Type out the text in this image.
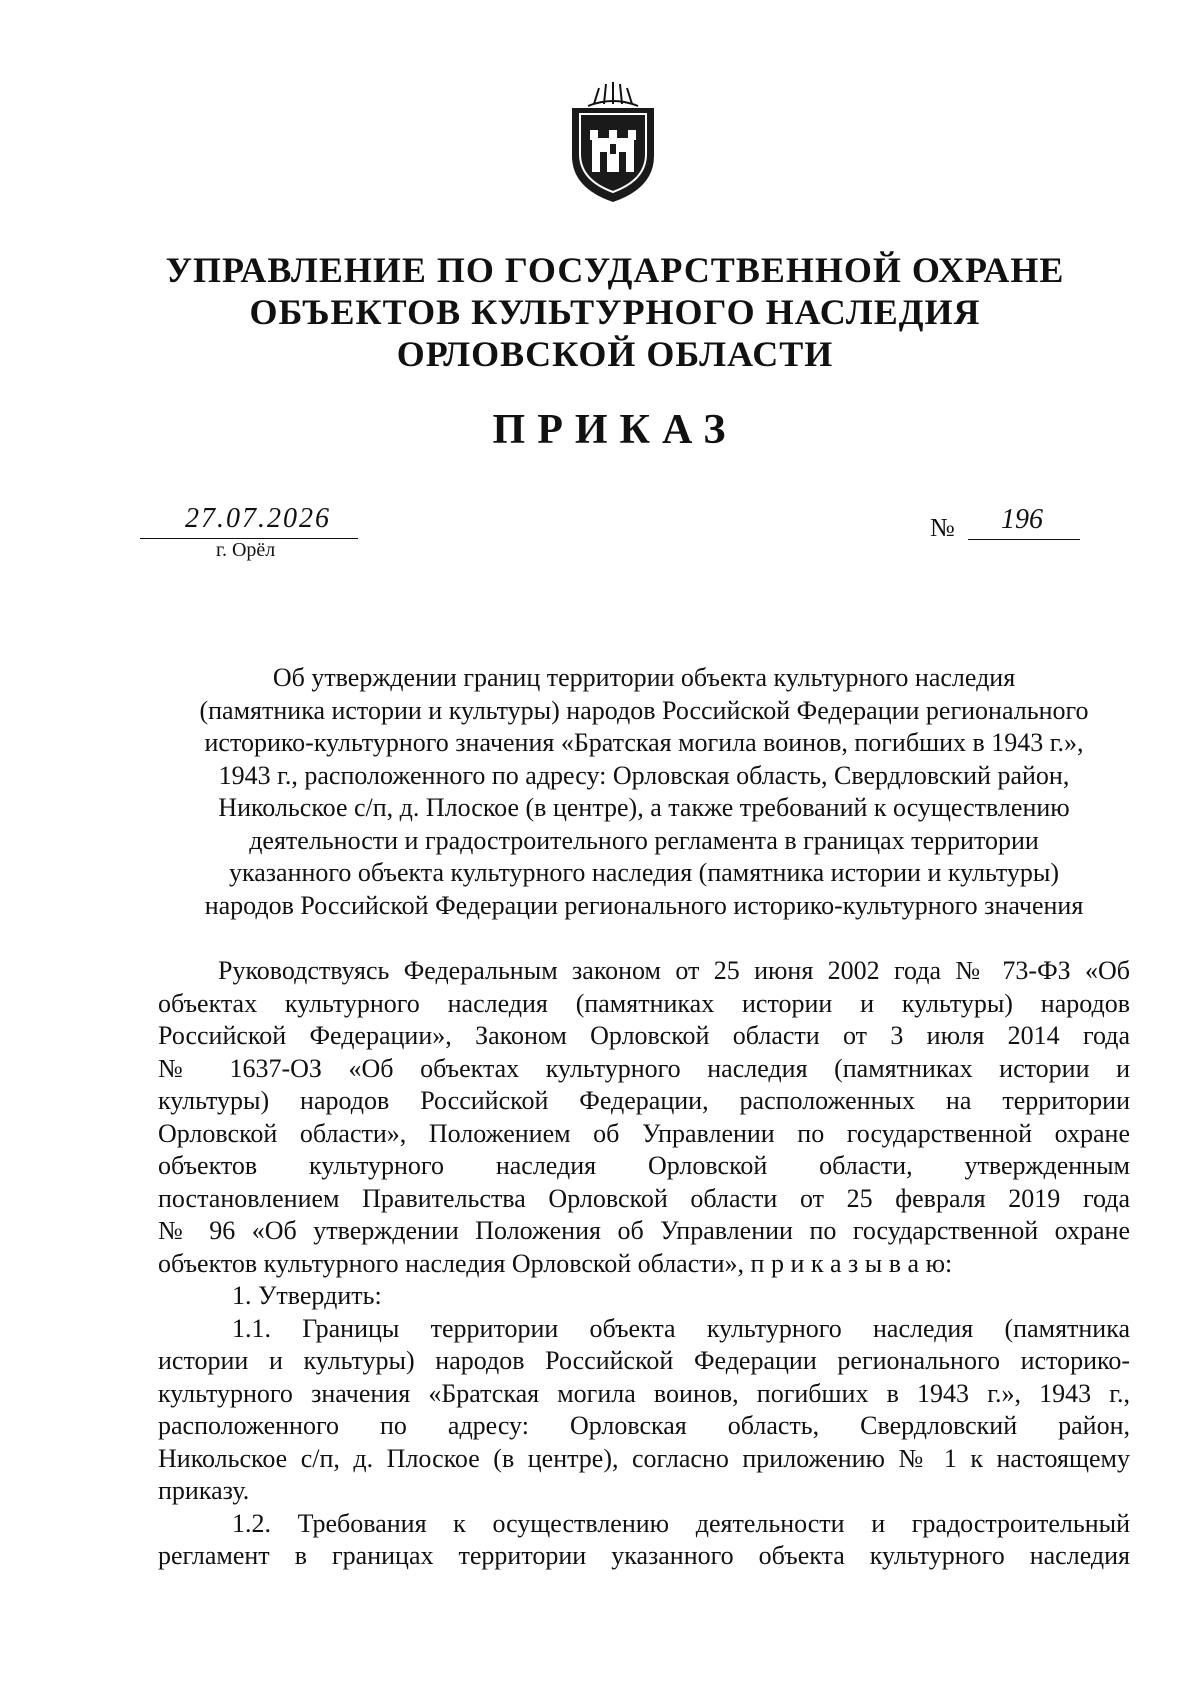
УПРАВЛЕНИЕ ПО ГОСУДАРСТВЕННОЙ ОХРАНЕ
ОБЪЕКТОВ КУЛЬТУРНОГО НАСЛЕДИЯ
ОРЛОВСКОЙ ОБЛАСТИ
ПРИКАЗ
27.07.2026
г. Орёл
№	196
Об утверждении границ территории объекта культурного наследия
(памятника истории и культуры) народов Российской Федерации регионального
историко-культурного значения «Братская могила воинов, погибших в 1943 г.»,
1943 г., расположенного по адресу: Орловская область, Свердловский район,
Никольское с/п, д. Плоское (в центре), а также требований к осуществлению
деятельности и градостроительного регламента в границах территории
указанного объекта культурного наследия (памятника истории и культуры)
народов Российской Федерации регионального историко-культурного значения
Руководствуясь Федеральным законом от 25 июня 2002 года № 73-ФЗ «Об
объектах культурного наследия (памятниках истории и культуры) народов
Российской Федерации», Законом Орловской области от 3 июля 2014 года
№ 1637-ОЗ «Об объектах культурного наследия (памятниках истории и
культуры) народов Российской Федерации, расположенных на территории
Орловской области», Положением об Управлении по государственной охране
объектов культурного наследия Орловской области, утвержденным
постановлением Правительства Орловской области от 25 февраля 2019 года
№ 96 «Об утверждении Положения об Управлении по государственной охране
объектов культурного наследия Орловской области», п р и к а з ы в а ю:
1. Утвердить:
1.1. Границы территории объекта культурного наследия (памятника
истории и культуры) народов Российской Федерации регионального историко-
культурного значения «Братская могила воинов, погибших в 1943 г.», 1943 г.,
расположенного по адресу: Орловская область, Свердловский район,
Никольское с/п, д. Плоское (в центре), согласно приложению № 1 к настоящему
приказу.
1.2. Требования к осуществлению деятельности и градостроительный
регламент в границах территории указанного объекта культурного наследия
